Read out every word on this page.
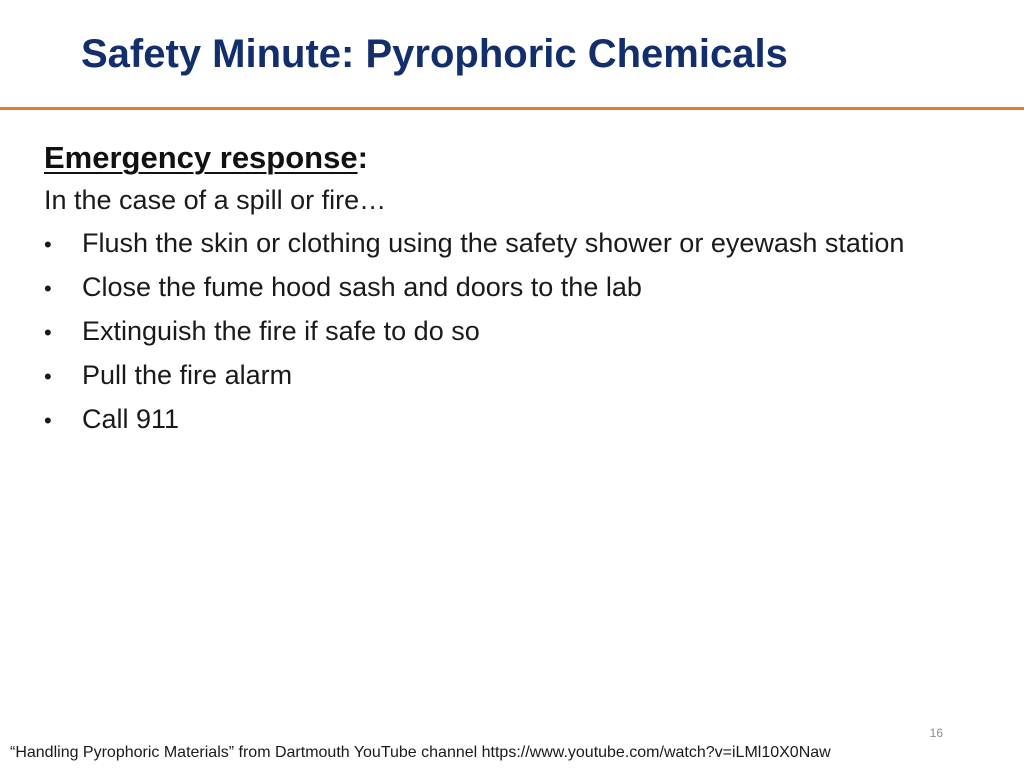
Safety Minute: Pyrophoric Chemicals

Emergency response:

In the case of a spill or fire…

•	Flush the skin or clothing using the safety shower or eyewash station
•	Close the fume hood sash and doors to the lab
•	Extinguish the fire if safe to do so
•	Pull the fire alarm
•	Call 911
16
“Handling Pyrophoric Materials” from Dartmouth YouTube channel https://www.youtube.com/watch?v=iLMl10X0Naw
